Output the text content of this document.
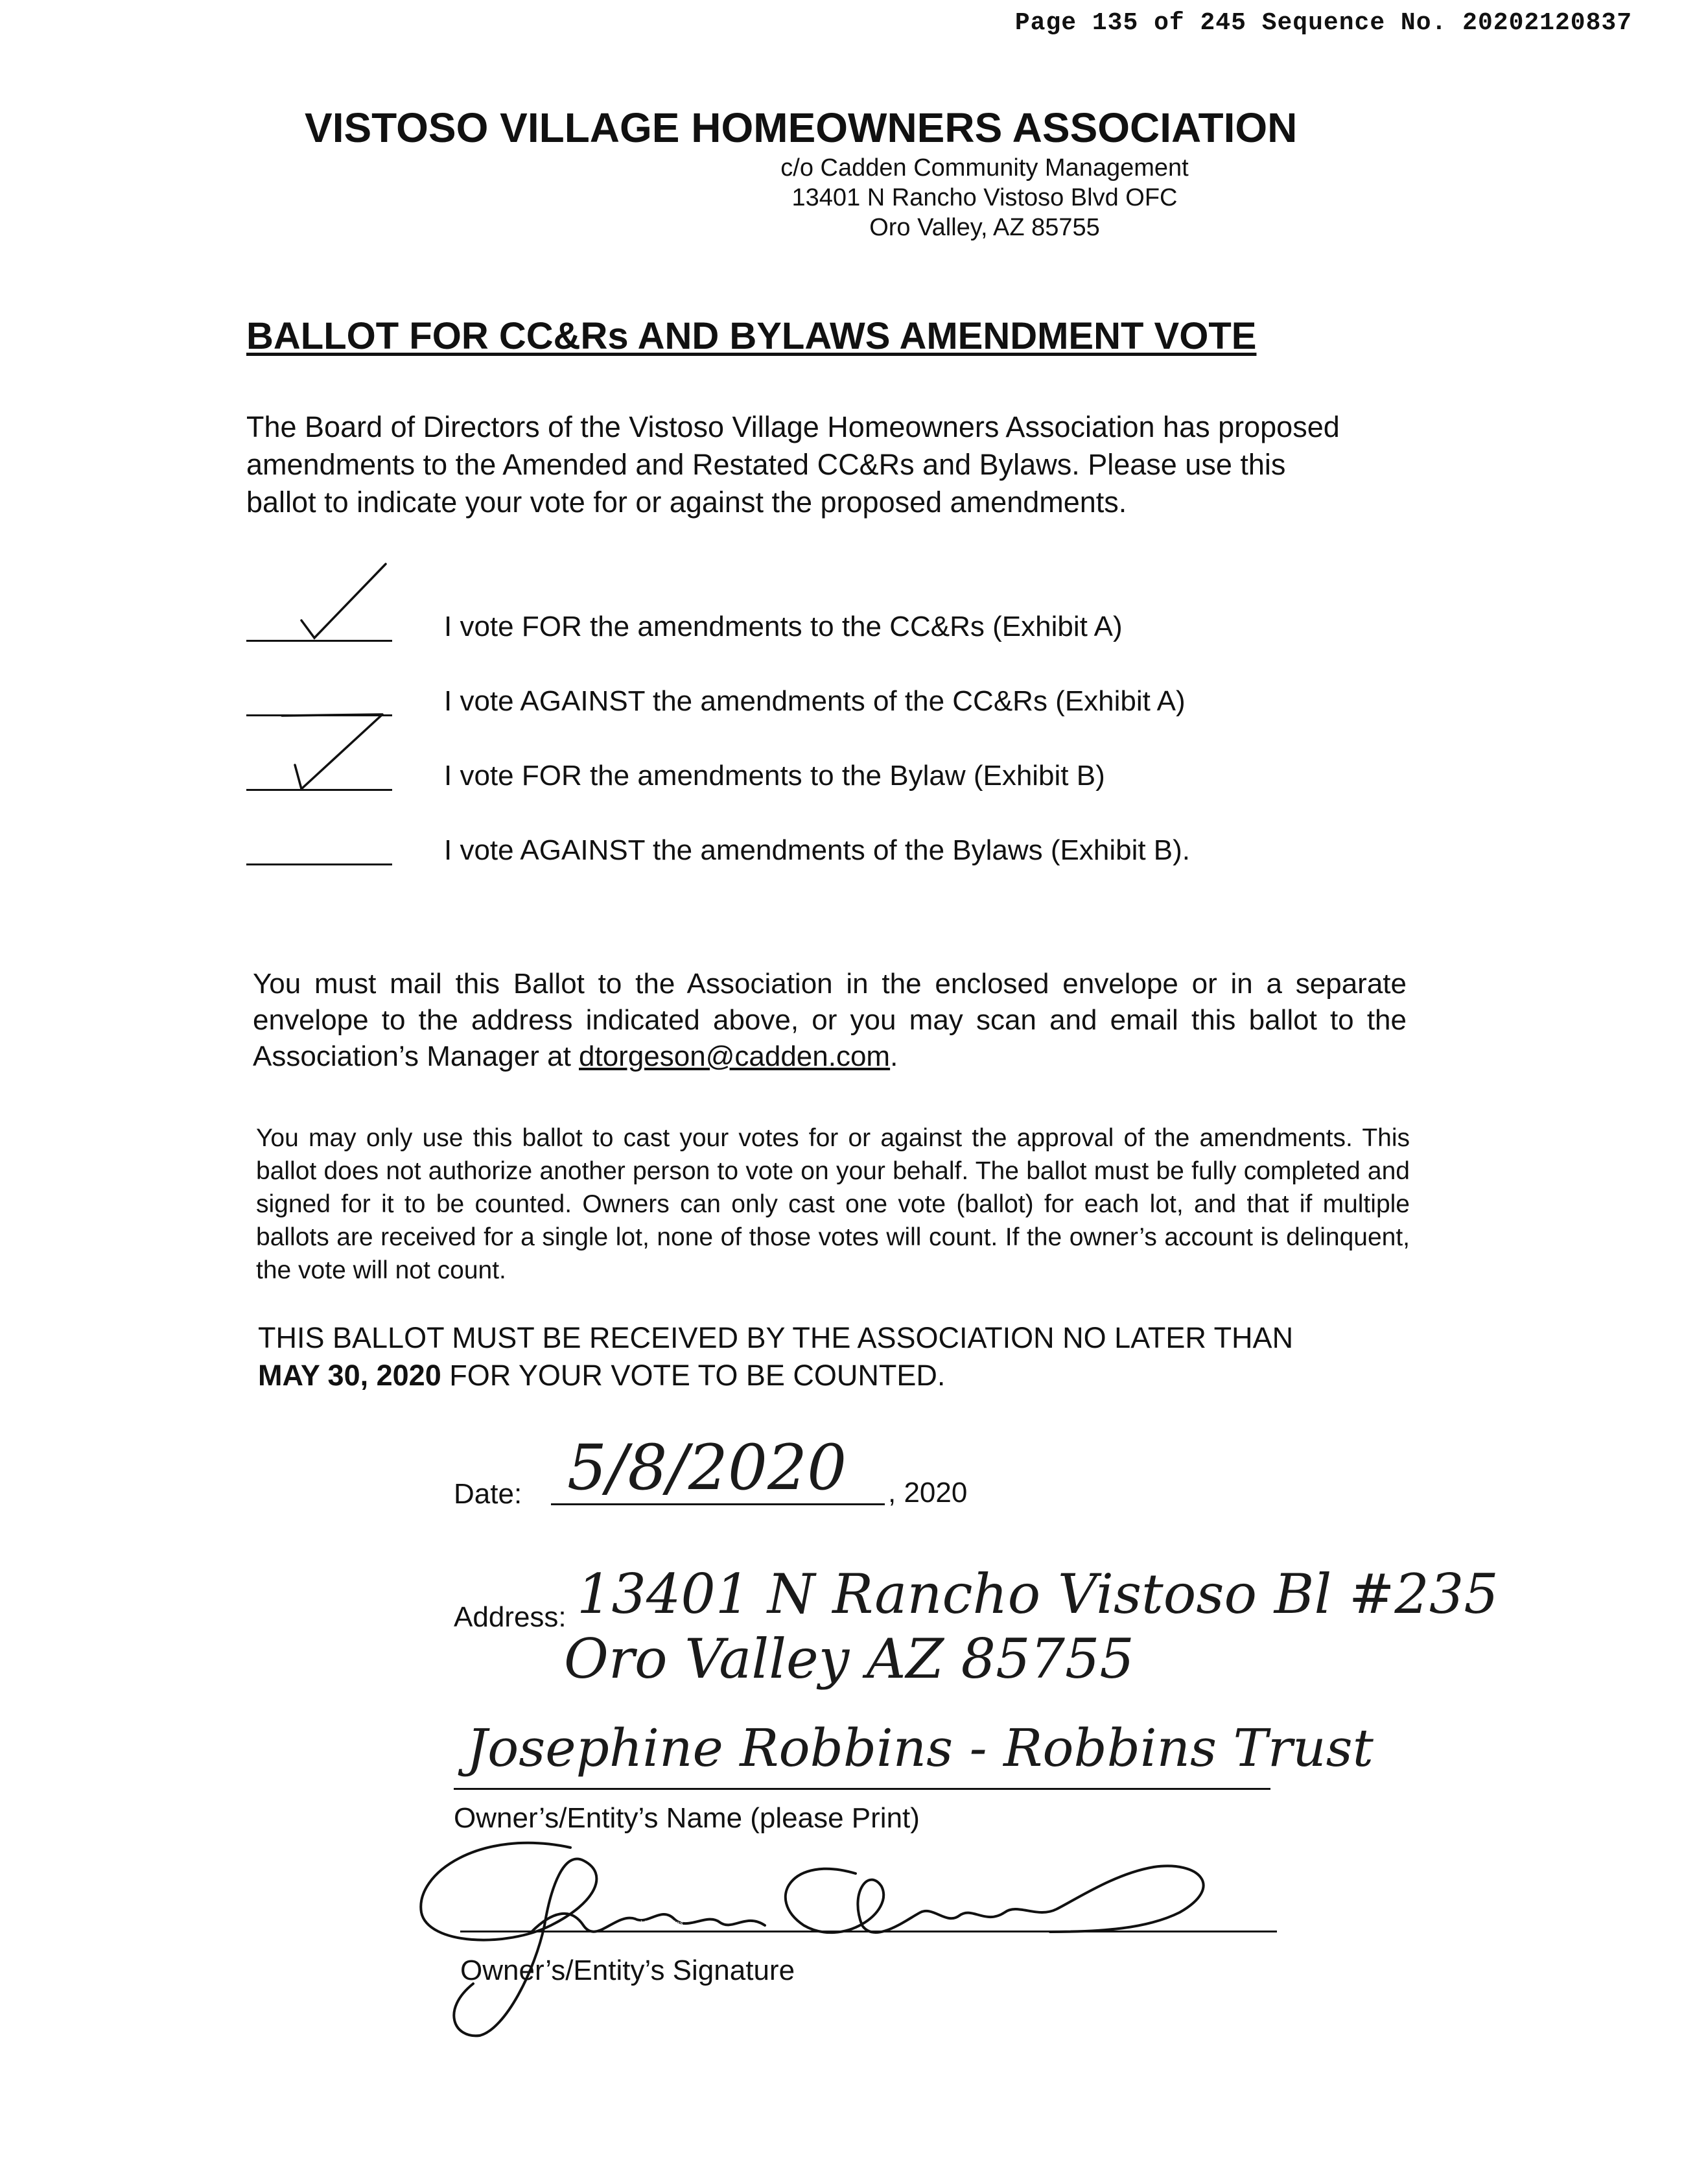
Page 135 of 245 Sequence No. 20202120837
VISTOSO VILLAGE HOMEOWNERS ASSOCIATION
c/o Cadden Community Management
13401 N Rancho Vistoso Blvd OFC
Oro Valley, AZ 85755
BALLOT FOR CC&Rs AND BYLAWS AMENDMENT VOTE
The Board of Directors of the Vistoso Village Homeowners Association has proposed amendments to the Amended and Restated CC&Rs and Bylaws. Please use this ballot to indicate your vote for or against the proposed amendments.
I vote FOR the amendments to the CC&Rs (Exhibit A)
I vote AGAINST the amendments of the CC&Rs (Exhibit A)
I vote FOR the amendments to the Bylaw (Exhibit B)
I vote AGAINST the amendments of the Bylaws (Exhibit B).
You must mail this Ballot to the Association in the enclosed envelope or in a separate envelope to the address indicated above, or you may scan and email this ballot to the Association’s Manager at dtorgeson@cadden.com.
You may only use this ballot to cast your votes for or against the approval of the amendments. This ballot does not authorize another person to vote on your behalf. The ballot must be fully completed and signed for it to be counted. Owners can only cast one vote (ballot) for each lot, and that if multiple ballots are received for a single lot, none of those votes will count. If the owner’s account is delinquent, the vote will not count.
THIS BALLOT MUST BE RECEIVED BY THE ASSOCIATION NO LATER THAN
MAY 30, 2020 FOR YOUR VOTE TO BE COUNTED.
Date: 5/8/2020 , 2020
Address: 13401 N Rancho Vistoso Bl #235
Oro Valley AZ 85755
Josephine Robbins - Robbins Trust
Owner’s/Entity’s Name (please Print)
Josephine Robbins
Owner’s/Entity’s Signature
